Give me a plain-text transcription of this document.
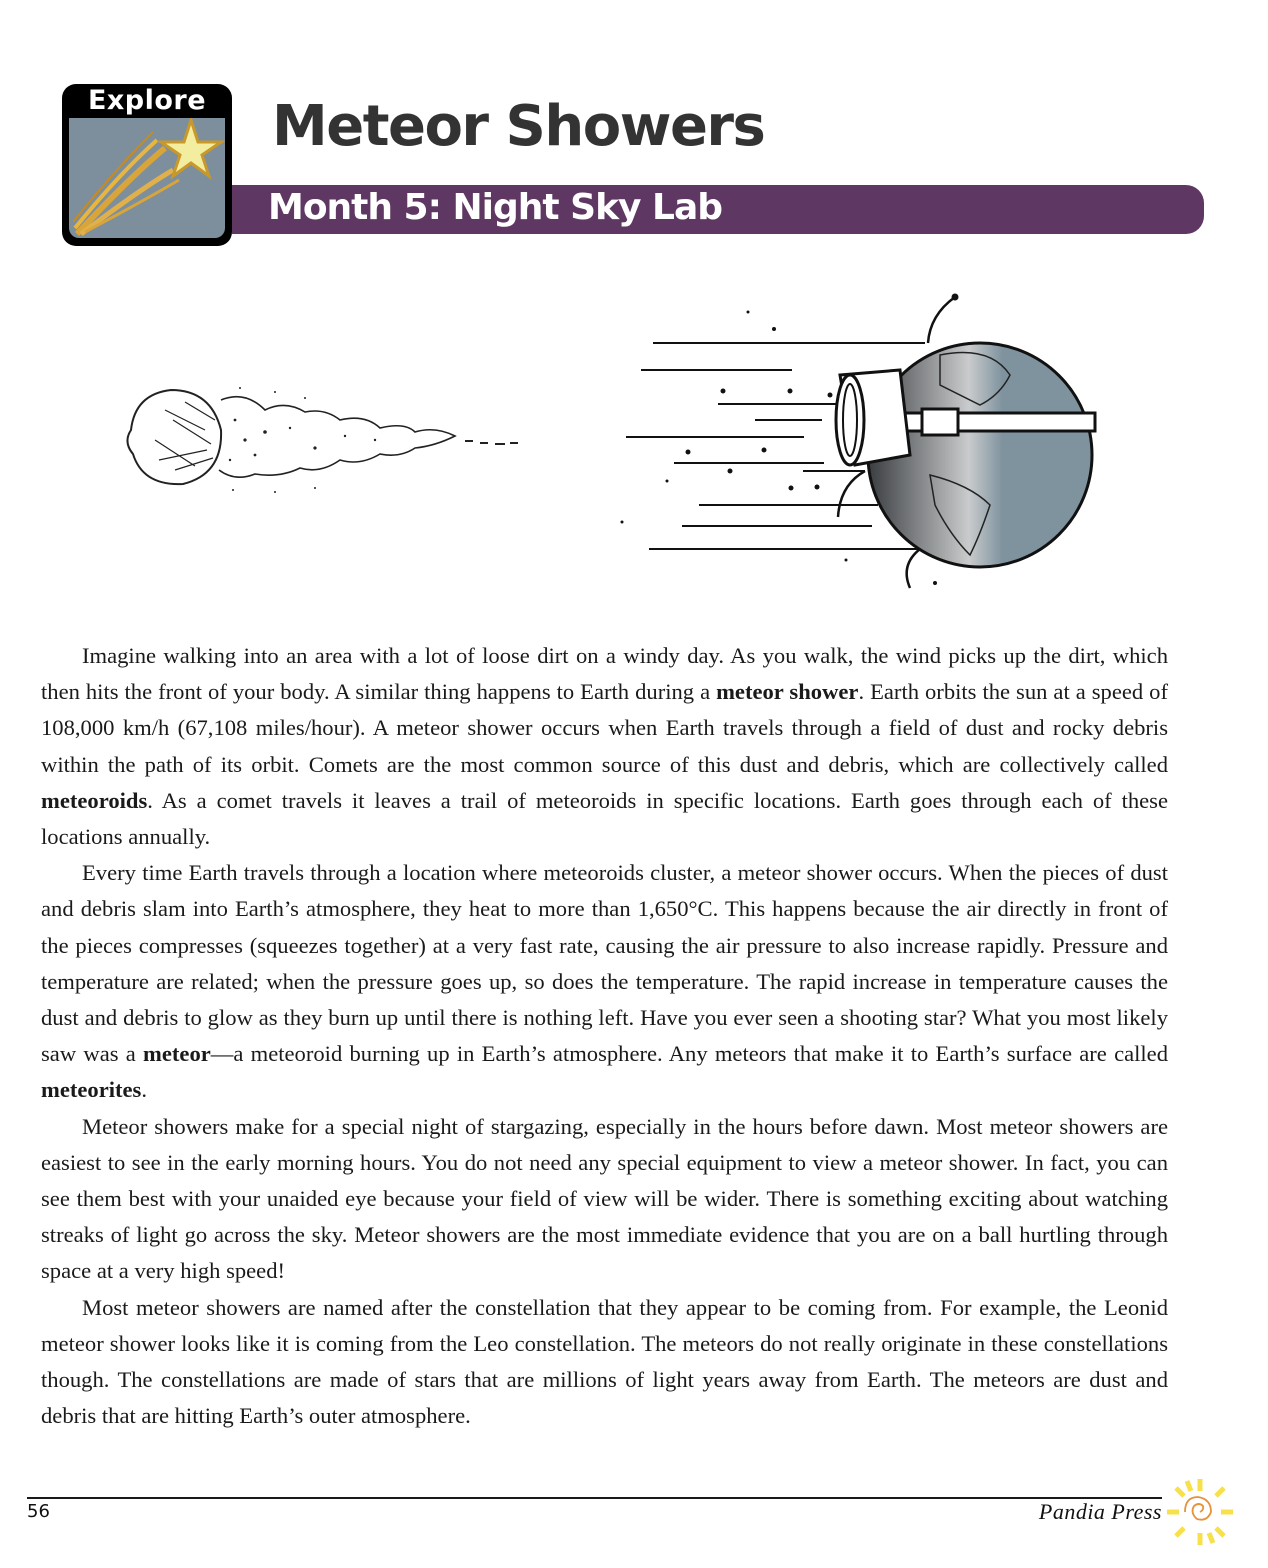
Explore	Meteor Showers
Month 5: Night Sky Lab

Imagine walking into an area with a lot of loose dirt on a windy day. As you walk, the wind picks up the dirt, which then hits the front of your body. A similar thing happens to Earth during a meteor shower. Earth orbits the sun at a speed of 108,000 km/h (67,108 miles/hour). A meteor shower occurs when Earth travels through a field of dust and rocky debris within the path of its orbit. Comets are the most common source of this dust and debris, which are collectively called meteoroids. As a comet travels it leaves a trail of meteoroids in specific locations. Earth goes through each of these locations annually.

Every time Earth travels through a location where meteoroids cluster, a meteor shower occurs. When the pieces of dust and debris slam into Earth’s atmosphere, they heat to more than 1,650°C. This happens because the air directly in front of the pieces compresses (squeezes together) at a very fast rate, causing the air pressure to also increase rapidly. Pressure and temperature are related; when the pressure goes up, so does the temperature. The rapid increase in temperature causes the dust and debris to glow as they burn up until there is nothing left. Have you ever seen a shooting star? What you most likely saw was a meteor—a meteoroid burning up in Earth’s atmosphere. Any meteors that make it to Earth’s surface are called meteorites.

Meteor showers make for a special night of stargazing, especially in the hours before dawn. Most meteor showers are easiest to see in the early morning hours. You do not need any special equipment to view a meteor shower. In fact, you can see them best with your unaided eye because your field of view will be wider. There is something exciting about watching streaks of light go across the sky. Meteor showers are the most immediate evidence that you are on a ball hurtling through space at a very high speed!

Most meteor showers are named after the constellation that they appear to be coming from. For example, the Leonid meteor shower looks like it is coming from the Leo constellation. The meteors do not really originate in these constellations though. The constellations are made of stars that are millions of light years away from Earth. The meteors are dust and debris that are hitting Earth’s outer atmosphere.

56	Pandia Press
